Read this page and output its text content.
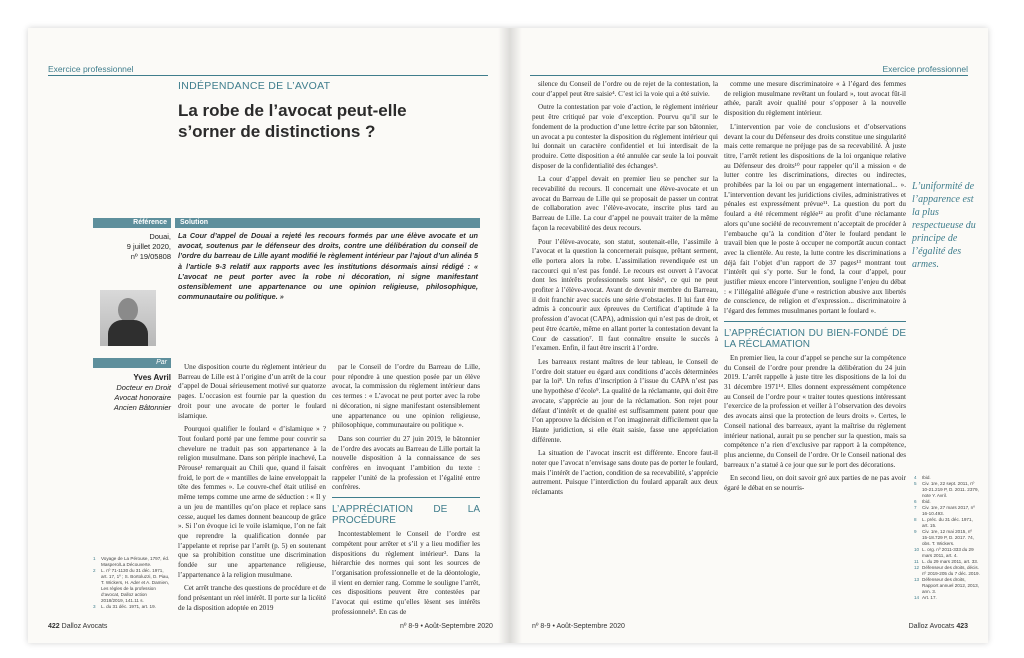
Exercice professionnel
INDÉPENDANCE DE L’AVOAT
La robe de l’avocat peut-elle s’orner de distinctions ?
Référence	Solution
Douai,
9 juillet 2020,
nº 19/05808
La Cour d’appel de Douai a rejeté les recours formés par une élève avocate et un avocat, soutenus par le défenseur des droits, contre une délibération du conseil de l’ordre du barreau de Lille ayant modifié le règlement intérieur par l’ajout d’un alinéa 5 à l’article 9-3 relatif aux rapports avec les institutions désormais ainsi rédigé : « L’avocat ne peut porter avec la robe ni décoration, ni signe manifestant ostensiblement une appartenance ou une opinion religieuse, philosophique, communautaire ou politique. »
Par
Yves Avril
Docteur en Droit
Avocat honoraire
Ancien Bâtonnier

Une disposition courte du règlement intérieur du Barreau de Lille est à l’origine d’un arrêt de la cour d’appel de Douai sérieusement motivé sur quatorze pages. L’occasion est fournie par la question du droit pour une avocate de porter le foulard islamique.

Pourquoi qualifier le foulard « d’islamique » ? Tout foulard porté par une femme pour couvrir sa chevelure ne traduit pas son appartenance à la religion musulmane. Dans son périple inachevé, La Pérouse¹ remarquait au Chili que, quand il faisait froid, le port de « mantilles de laine enveloppait la tête des femmes ». Le couvre-chef était utilisé en même temps comme une arme de séduction : « Il y a un jeu de mantilles qu’on place et replace sans cesse, auquel les dames donnent beaucoup de grâce ». Si l’on évoque ici le voile islamique, l’on ne fait que reprendre la qualification donnée par l’appelante et reprise par l’arrêt (p. 5) en soutenant que sa prohibition constitue une discrimination fondée sur une appartenance religieuse, l’appartenance à la religion musulmane.

Cet arrêt tranche des questions de procédure et de fond présentant un réel intérêt. Il porte sur la licéité de la disposition adoptée en 2019

par le Conseil de l’ordre du Barreau de Lille, pour répondre à une question posée par un élève avocat, la commission du règlement intérieur dans ces termes : « L’avocat ne peut porter avec la robe ni décoration, ni signe manifestant ostensiblement une appartenance ou une opinion religieuse, philosophique, communautaire ou politique ».

Dans son courrier du 27 juin 2019, le bâtonnier de l’ordre des avocats au Barreau de Lille portait la nouvelle disposition à la connaissance de ses confrères en invoquant l’ambition du texte : rappeler l’unité de la profession et l’égalité entre confrères.

L’APPRÉCIATION DE LA PROCÉDURE

Incontestablement le Conseil de l’ordre est compétent pour arrêter et s’il y a lieu modifier les dispositions du règlement intérieur². Dans la hiérarchie des normes qui sont les sources de l’organisation professionnelle et de la déontologie, il vient en dernier rang. Comme le souligne l’arrêt, ces dispositions peuvent être contestées par l’avocat qui estime qu’elles lèsent ses intérêts professionnels³. En cas de

1	Voyage de La Pérouse, 1797, éd. Maspero/La Découverte.
2	L. nº 71-1130 du 31 déc. 1971, art. 17, 1º ; S. Bortoluzzi, D. Piau, T. Wickers, H. Ader et A. Damien, Les règles de la profession d’avocat, Dalloz action 2018/2019, 141.11 s.
3	L. du 31 déc. 1971, art. 19.
422 Dalloz Avocats	nº 8-9 • Août-Septembre 2020
Exercice professionnel

silence du Conseil de l’ordre ou de rejet de la contestation, la cour d’appel peut être saisie⁴. C’est ici la voie qui a été suivie.

Outre la contestation par voie d’action, le règlement intérieur peut être critiqué par voie d’exception. Pourvu qu’il sur le fondement de la production d’une lettre écrite par son bâtonnier, un avocat a pu contester la disposition du règlement intérieur qui lui donnait un caractère confidentiel et lui interdisait de la produire. Cette disposition a été annulée car seule la loi pouvait disposer de la confidentialité des échanges⁵.

La cour d’appel devait en premier lieu se pencher sur la recevabilité du recours. Il concernait une élève-avocate et un avocat du Barreau de Lille qui se proposait de passer un contrat de collaboration avec l’élève-avocate, inscrite plus tard au Barreau de Lille. La cour d’appel ne pouvait traiter de la même façon la recevabilité des deux recours.

Pour l’élève-avocate, son statut, soutenait-elle, l’assimile à l’avocat et la question la concernerait puisque, prêtant serment, elle portera alors la robe. L’assimilation revendiquée est un raccourci qui n’est pas fondé. Le recours est ouvert à l’avocat dont les intérêts professionnels sont lésés⁶, ce qui ne peut profiter à l’élève-avocat. Avant de devenir membre du Barreau, il doit franchir avec succès une série d’obstacles. Il lui faut être admis à concourir aux épreuves du Certificat d’aptitude à la profession d’avocat (CAPA), admission qui n’est pas de droit, et peut être écartée, même en allant porter la contestation devant la Cour de cassation⁷. Il faut connaître ensuite le succès à l’examen. Enfin, il faut être inscrit à l’ordre.

Les barreaux restant maîtres de leur tableau, le Conseil de l’ordre doit statuer eu égard aux conditions d’accès déterminées par la loi⁸. Un refus d’inscription à l’issue du CAPA n’est pas une hypothèse d’école⁹. La qualité de la réclamante, qui doit être avocate, s’apprécie au jour de la réclamation. Son rejet pour défaut d’intérêt et de qualité est suffisamment patent pour que l’on approuve la décision et l’on imaginerait difficilement que la Haute juridiction, si elle était saisie, fasse une appréciation différente.

La situation de l’avocat inscrit est différente. Encore faut-il noter que l’avocat n’envisage sans doute pas de porter le foulard, mais l’intérêt de l’action, condition de sa recevabilité, s’apprécie autrement. Puisque l’interdiction du foulard apparaît aux deux réclamants

comme une mesure discriminatoire « à l’égard des femmes de religion musulmane revêtant un foulard », tout avocat fût-il athée, paraît avoir qualité pour s’opposer à la nouvelle disposition du règlement intérieur.

L’intervention par voie de conclusions et d’observations devant la cour du Défenseur des droits constitue une singularité mais cette remarque ne préjuge pas de sa recevabilité. À juste titre, l’arrêt retient les dispositions de la loi organique relative au Défenseur des droits¹⁰ pour rappeler qu’il a mission « de lutter contre les discriminations, directes ou indirectes, prohibées par la loi ou par un engagement international... ». L’intervention devant les juridictions civiles, administratives et pénales est expressément prévue¹¹. La question du port du foulard a été récemment réglée¹² au profit d’une réclamante alors qu’une société de recouvrement n’acceptait de procéder à l’embauche qu’à la condition d’ôter le foulard pendant le travail bien que le poste à occuper ne comportât aucun contact avec la clientèle. Au reste, la lutte contre les discriminations a déjà fait l’objet d’un rapport de 37 pages¹³ montrant tout l’intérêt qui s’y porte. Sur le fond, la cour d’appel, pour justifier mieux encore l’intervention, souligne l’enjeu du débat : « l’illégalité alléguée d’une « restriction abusive aux libertés de conscience, de religion et d’expression... discriminatoire à l’égard des femmes musulmanes portant le foulard ».

L’APPRÉCIATION DU BIEN-FONDÉ DE LA RÉCLAMATION

En premier lieu, la cour d’appel se penche sur la compétence du Conseil de l’ordre pour prendre la délibération du 24 juin 2019. L’arrêt rappelle à juste titre les dispositions de la loi du 31 décembre 1971¹⁴. Elles donnent expressément compétence au Conseil de l’ordre pour « traiter toutes questions intéressant l’exercice de la profession et veiller à l’observation des devoirs des avocats ainsi que la protection de leurs droits ». Certes, le Conseil national des barreaux, ayant la maîtrise du règlement intérieur national, aurait pu se pencher sur la question, mais sa compétence n’a rien d’exclusive par rapport à la compétence, plus ancienne, du Conseil de l’ordre. Or le Conseil national des barreaux n’a statué à ce jour que sur le port des décorations.

En second lieu, on doit savoir gré aux parties de ne pas avoir égaré le débat en se nourris-

L’uniformité de l’apparence est la plus respectueuse du principe de l’égalité des armes.
4	Ibid.
5	Civ. 1re, 22 sept. 2011, nº 10-21.219 P, D. 2011. 2379, note Y. Avril.
6	Ibid.
7	Civ. 1re, 27 mars 2017, nº 16-10.493.
8	L. préc. du 31 déc. 1971, art. 15.
9	Civ. 1re, 12 mai 2015, nº 15-18.729 P, D. 2017. 74, obs. T. Wickers.
10 L. org. nº 2011-333 du 29 mars 2011, art. 4.
11 L. du 29 mars 2011, art. 33.
12 Défenseur des droits, décis. nº 2019-205 du 7 déc. 2019.
13 Défenseur des droits, Rapport annuel 2012, 2013, ann. 3.
14 Art. 17.
nº 8-9 • Août-Septembre 2020	Dalloz Avocats 423
